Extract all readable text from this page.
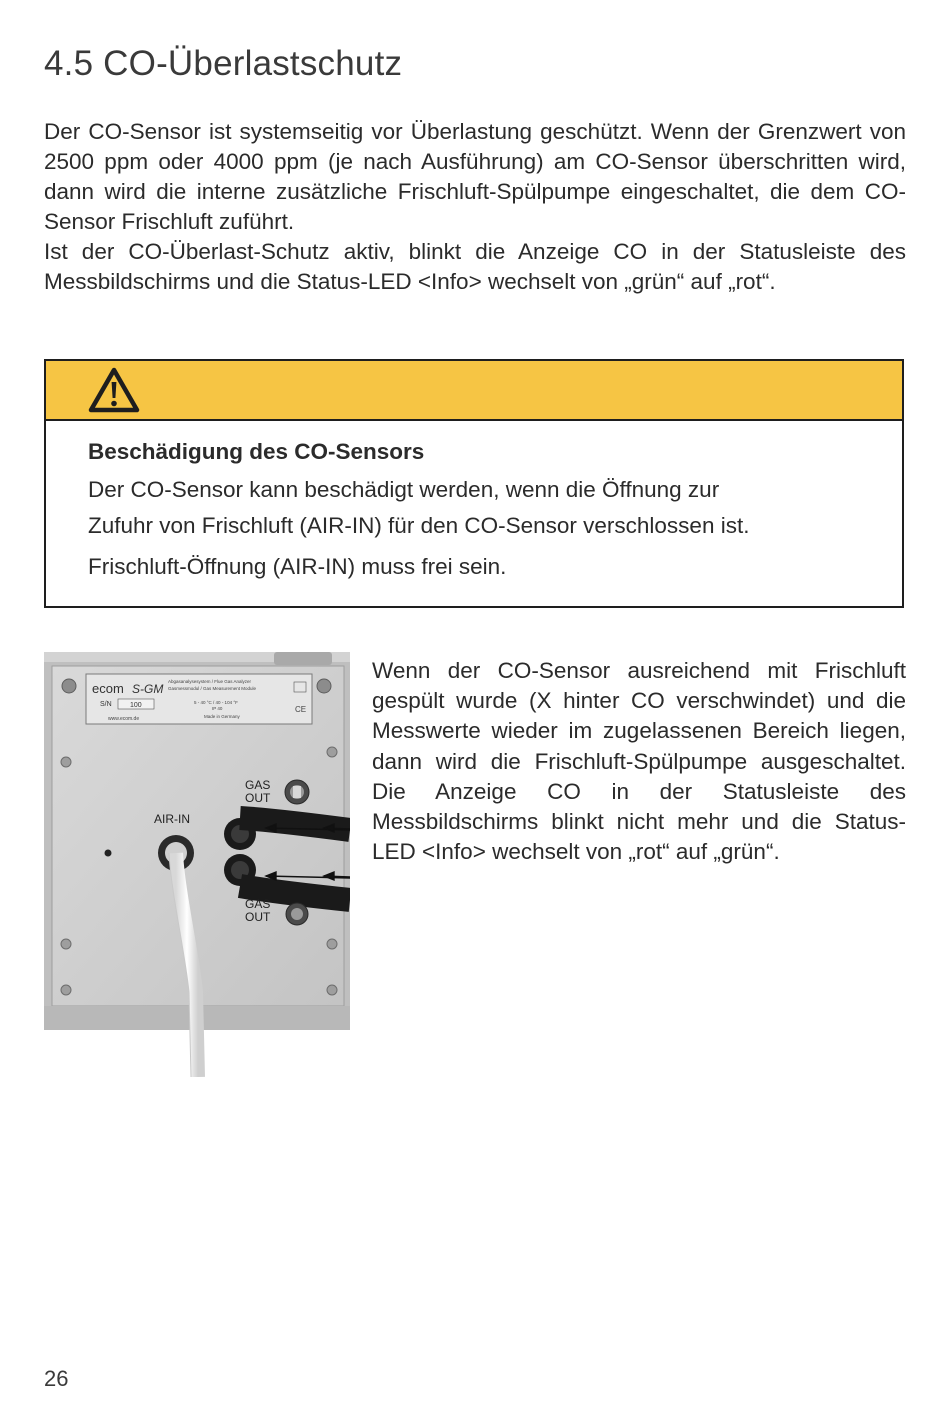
4.5 CO-Überlastschutz

Der CO-Sensor ist systemseitig vor Überlastung geschützt. Wenn der Grenzwert von 2500 ppm oder 4000 ppm (je nach Ausführung) am CO-Sensor überschritten wird, dann wird die interne zusätzliche Frischluft-Spülpumpe eingeschaltet, die dem CO-Sensor Frischluft zuführt.

Ist der CO-Überlast-Schutz aktiv, blinkt die Anzeige CO in der Statusleiste des Messbildschirms und die Status-LED <Info> wechselt von „grün“ auf „rot“.

Beschädigung des CO-Sensors

Der CO-Sensor kann beschädigt werden, wenn die Öffnung zur

Zufuhr von Frischluft (AIR-IN) für den CO-Sensor verschlossen ist.

Frischluft-Öffnung (AIR-IN) muss frei sein.

ecom S-GM
S/N	100
www.ecom.de
Abgasanalysesystem / Flue Gas Analyzer
Gasmessmodul / Gas Measurement Module
5 - 40 °C / 40 - 104 °F
IP 40
Made in Germany
CE
GAS
OUT
AIR-IN
GAS
OUT

Wenn der CO-Sensor ausreichend mit Frischluft gespült wurde (X hinter CO verschwindet) und die Messwerte wieder im zugelassenen Bereich liegen, dann wird die Frischluft-Spülpumpe ausgeschaltet. Die Anzeige CO in der Statusleiste des Messbildschirms blinkt nicht mehr und die Status-LED <Info> wechselt von „rot“ auf „grün“.

26
